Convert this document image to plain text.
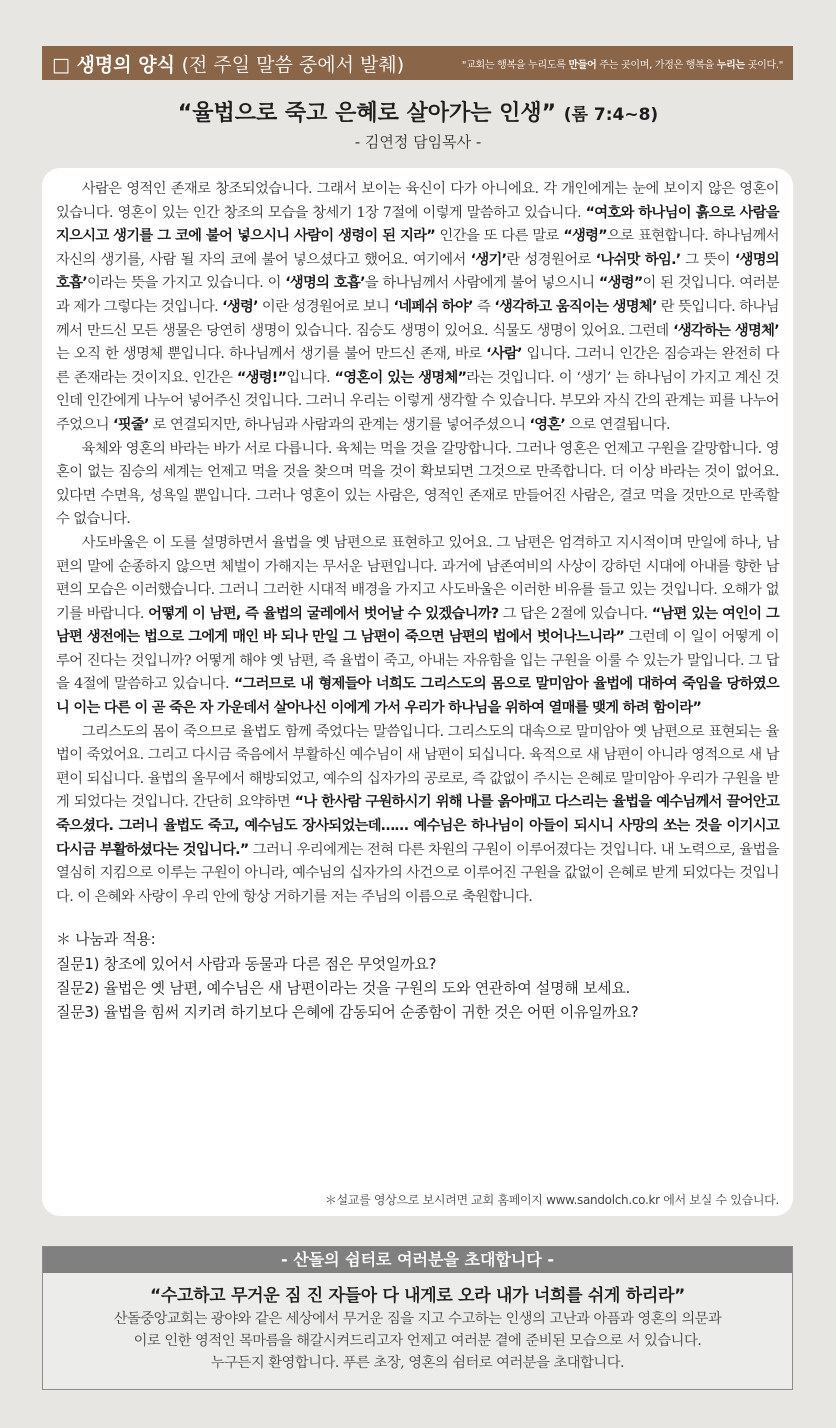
□ 생명의 양식 (전 주일 말씀 중에서 발췌)	"교회는 행복을 누리도록 만들어 주는 곳이며, 가정은 행복을 누리는 곳이다."
“율법으로 죽고 은혜로 살아가는 인생” (롬 7:4~8)
- 김연정 담임목사 -

사람은 영적인 존재로 창조되었습니다. 그래서 보이는 육신이 다가 아니에요. 각 개인에게는 눈에 보이지 않은 영혼이 있습니다. 영혼이 있는 인간 창조의 모습을 창세기 1장 7절에 이렇게 말씀하고 있습니다. “여호와 하나님이 흙으로 사람을 지으시고 생기를 그 코에 불어 넣으시니 사람이 생령이 된 지라” 인간을 또 다른 말로 “생령”으로 표현합니다. 하나님께서 자신의 생기를, 사람 될 자의 코에 불어 넣으셨다고 했어요. 여기에서 ‘생기’란 성경원어로 ‘나쉬맛 하임.’ 그 뜻이 ‘생명의 호흡’이라는 뜻을 가지고 있습니다. 이 ‘생명의 호흡’을 하나님께서 사람에게 불어 넣으시니 “생령”이 된 것입니다. 여러분과 제가 그렇다는 것입니다. ‘생령’ 이란 성경원어로 보니 ‘네페쉬 하야’ 즉 ‘생각하고 움직이는 생명체’ 란 뜻입니다. 하나님께서 만드신 모든 생물은 당연히 생명이 있습니다. 짐승도 생명이 있어요. 식물도 생명이 있어요. 그런데 ‘생각하는 생명체’ 는 오직 한 생명체 뿐입니다. 하나님께서 생기를 불어 만드신 존재, 바로 ‘사람’ 입니다. 그러니 인간은 짐승과는 완전히 다른 존재라는 것이지요. 인간은 “생령!”입니다. “영혼이 있는 생명체”라는 것입니다. 이 ‘생기’ 는 하나님이 가지고 계신 것인데 인간에게 나누어 넣어주신 것입니다. 그러니 우리는 이렇게 생각할 수 있습니다. 부모와 자식 간의 관계는 피를 나누어주었으니 ‘핏줄’ 로 연결되지만, 하나님과 사람과의 관계는 생기를 넣어주셨으니 ‘영혼’ 으로 연결됩니다.

육체와 영혼의 바라는 바가 서로 다릅니다. 육체는 먹을 것을 갈망합니다. 그러나 영혼은 언제고 구원을 갈망합니다. 영혼이 없는 짐승의 세계는 언제고 먹을 것을 찾으며 먹을 것이 확보되면 그것으로 만족합니다. 더 이상 바라는 것이 없어요. 있다면 수면욕, 성욕일 뿐입니다. 그러나 영혼이 있는 사람은, 영적인 존재로 만들어진 사람은, 결코 먹을 것만으로 만족할 수 없습니다.

사도바울은 이 도를 설명하면서 율법을 옛 남편으로 표현하고 있어요. 그 남편은 엄격하고 지시적이며 만일에 하나, 남편의 말에 순종하지 않으면 체벌이 가해지는 무서운 남편입니다. 과거에 남존여비의 사상이 강하던 시대에 아내를 향한 남편의 모습은 이러했습니다. 그러니 그러한 시대적 배경을 가지고 사도바울은 이러한 비유를 들고 있는 것입니다. 오해가 없기를 바랍니다. 어떻게 이 남편, 즉 율법의 굴레에서 벗어날 수 있겠습니까? 그 답은 2절에 있습니다. “남편 있는 여인이 그 남편 생전에는 법으로 그에게 매인 바 되나 만일 그 남편이 죽으면 남편의 법에서 벗어나느니라” 그런데 이 일이 어떻게 이루어 진다는 것입니까? 어떻게 해야 옛 남편, 즉 율법이 죽고, 아내는 자유함을 입는 구원을 이룰 수 있는가 말입니다. 그 답을 4절에 말씀하고 있습니다. “그러므로 내 형제들아 너희도 그리스도의 몸으로 말미암아 율법에 대하여 죽임을 당하였으니 이는 다른 이 곧 죽은 자 가운데서 살아나신 이에게 가서 우리가 하나님을 위하여 열매를 맺게 하려 함이라”

그리스도의 몸이 죽으므로 율법도 함께 죽었다는 말씀입니다. 그리스도의 대속으로 말미암아 옛 남편으로 표현되는 율법이 죽었어요. 그리고 다시금 죽음에서 부활하신 예수님이 새 남편이 되십니다. 육적으로 새 남편이 아니라 영적으로 새 남편이 되십니다. 율법의 올무에서 해방되었고, 예수의 십자가의 공로로, 즉 값없이 주시는 은혜로 말미암아 우리가 구원을 받게 되었다는 것입니다. 간단히 요약하면 “나 한사람 구원하시기 위해 나를 옭아매고 다스리는 율법을 예수님께서 끌어안고 죽으셨다. 그러니 율법도 죽고, 예수님도 장사되었는데…… 예수님은 하나님이 아들이 되시니 사망의 쏘는 것을 이기시고 다시금 부활하셨다는 것입니다.” 그러니 우리에게는 전혀 다른 차원의 구원이 이루어졌다는 것입니다. 내 노력으로, 율법을 열심히 지킴으로 이루는 구원이 아니라, 예수님의 십자가의 사건으로 이루어진 구원을 값없이 은혜로 받게 되었다는 것입니다. 이 은혜와 사랑이 우리 안에 항상 거하기를 저는 주님의 이름으로 축원합니다.

＊ 나눔과 적용:
질문1) 창조에 있어서 사람과 동물과 다른 점은 무엇일까요?
질문2) 율법은 옛 남편, 예수님은 새 남편이라는 것을 구원의 도와 연관하여 설명해 보세요.
질문3) 율법을 힘써 지키려 하기보다 은혜에 감동되어 순종함이 귀한 것은 어떤 이유일까요?
＊설교를 영상으로 보시려면 교회 홈페이지 www.sandolch.co.kr 에서 보실 수 있습니다.
- 산돌의 쉼터로 여러분을 초대합니다 -
“수고하고 무거운 짐 진 자들아 다 내게로 오라 내가 너희를 쉬게 하리라”
산돌중앙교회는 광야와 같은 세상에서 무거운 짐을 지고 수고하는 인생의 고난과 아픔과 영혼의 의문과
이로 인한 영적인 목마름을 해갈시켜드리고자 언제고 여러분 곁에 준비된 모습으로 서 있습니다.
누구든지 환영합니다. 푸른 초장, 영혼의 쉼터로 여러분을 초대합니다.
